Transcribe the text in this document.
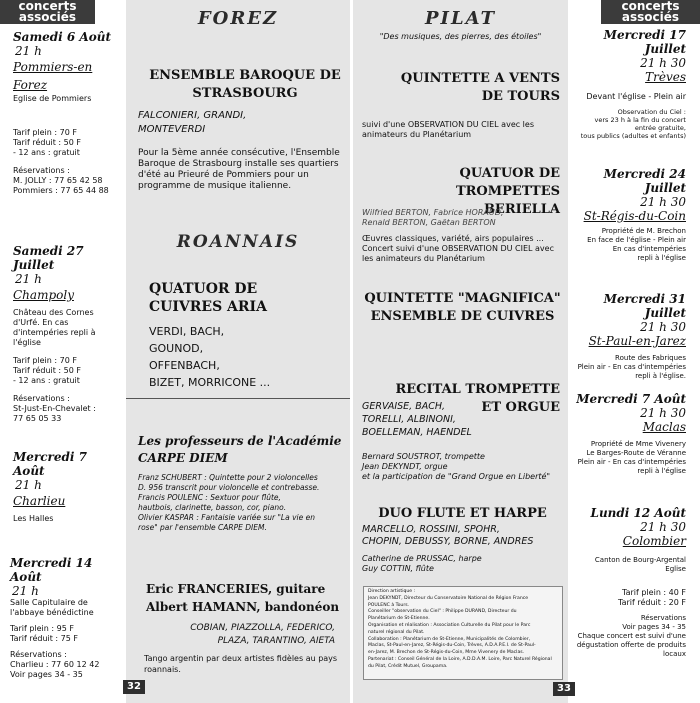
concerts
associés
Samedi 6 Août
21 h
Pommiers-en Forez
Eglise de Pommiers
Tarif plein : 70 F
Tarif réduit : 50 F
- 12 ans : gratuit
Réservations :
M. JOLLY : 77 65 42 58
Pommiers : 77 65 44 88
Samedi 27 Juillet
21 h
Champoly
Château des Cornes d'Urfé. En cas d'intempéries repli à l'église
Tarif plein : 70 F
Tarif réduit : 50 F
- 12 ans : gratuit
Réservations :
St-Just-En-Chevalet :
77 65 05 33
Mercredi 7 Août
21 h
Charlieu
Les Halles
Mercredi 14 Août
21 h
Salle Capitulaire de l'abbaye bénédictine
Tarif plein : 95 F
Tarif réduit : 75 F
Réservations :
Charlieu : 77 60 12 42
Voir pages 34 - 35
FOREZ
ENSEMBLE BAROQUE DE STRASBOURG
FALCONIERI, GRANDI, MONTEVERDI
Pour la 5ème année consécutive, l'Ensemble Baroque de Strasbourg installe ses quartiers d'été au Prieuré de Pommiers pour un programme de musique italienne.
ROANNAIS
QUATUOR DE CUIVRES ARIA
VERDI, BACH,
GOUNOD,
OFFENBACH,
BIZET, MORRICONE ...
Les professeurs de l'Académie
CARPE DIEM
Franz SCHUBERT : Quintette pour 2 violoncelles
D. 956 transcrit pour violoncelle et contrebasse.
Francis POULENC : Sextuor pour flûte,
hautbois, clarinette, basson, cor, piano.
Olivier KASPAR : Fantaisie variée sur "La vie en
rose" par l'ensemble CARPE DIEM.
Eric FRANCERIES, guitare
Albert HAMANN, bandonéon
COBIAN, PIAZZOLLA, FEDERICO,
PLAZA, TARANTINO, AIETA
Tango argentin par deux artistes fidèles au pays roannais.
32
PILAT
"Des musiques, des pierres, des étoiles"
QUINTETTE A VENTS
DE TOURS
suivi d'une OBSERVATION DU CIEL avec les animateurs du Planétarium
QUATUOR DE
TROMPETTES BERIELLA
Wilfried BERTON, Fabrice HORAUD,
Renald BERTON, Gaëtan BERTON
Œuvres classiques, variété, airs populaires ... Concert suivi d'une OBSERVATION DU CIEL avec les animateurs du Planétarium
QUINTETTE "MAGNIFICA"
ENSEMBLE DE CUIVRES
RECITAL TROMPETTE
ET ORGUE
GERVAISE, BACH,
TORELLI, ALBINONI,
BOELLEMAN, HAENDEL
Bernard SOUSTROT, trompette
Jean DEKYNDT, orgue
et la participation de "Grand Orgue en Liberté"
DUO FLUTE ET HARPE
MARCELLO, ROSSINI, SPOHR,
CHOPIN, DEBUSSY, BORNE, ANDRES
Catherine de PRUSSAC, harpe
Guy COTTIN, flûte
Direction artistique :
Jean DEKYNDT, Directeur du Conservatoire National de Région France
POULENC à Tours.
Conseiller "observation du Ciel" : Philippe DURAND, Directeur du
Planétarium de St-Etienne.
Organisation et réalisation : Association Culturelle du Pilat pour le Parc
naturel régional du Pilat.
Collaboration : Planétarium de St-Etienne, Municipalités de Colombier,
Maclas, St-Paul-en-Jarez, St-Régis-du-Coin, Trèves, A.D.A.P.E.I. de St-Paul-
en-Jarez, M. Brechon de St-Régis-du-Coin, Mme Vivenery de Maclas.
Partenariat : Conseil Général de la Loire, A.D.D.A.M. Loire, Parc Naturel Régional
du Pilat, Crédit Mutuel, Groupama.
33
concerts
associés
Mercredi 17 Juillet
21 h 30
Trèves
Devant l'église - Plein air
Observation du Ciel :
vers 23 h à la fin du concert
entrée gratuite,
tous publics (adultes et enfants)
Mercredi 24 Juillet
21 h 30
St-Régis-du-Coin
Propriété de M. Brechon
En face de l'église - Plein air
En cas d'intempéries
repli à l'église
Mercredi 31 Juillet
21 h 30
St-Paul-en-Jarez
Route des Fabriques
Plein air - En cas d'intempéries
repli à l'église.
Mercredi 7 Août
21 h 30
Maclas
Propriété de Mme Vivenery
Le Barges-Route de Véranne
Plein air - En cas d'intempéries
repli à l'église
Lundi 12 Août
21 h 30
Colombier
Canton de Bourg-Argental
Eglise
Tarif plein : 40 F
Tarif réduit : 20 F
Réservations
Voir pages 34 - 35
Chaque concert est suivi d'une
dégustation offerte de produits locaux
